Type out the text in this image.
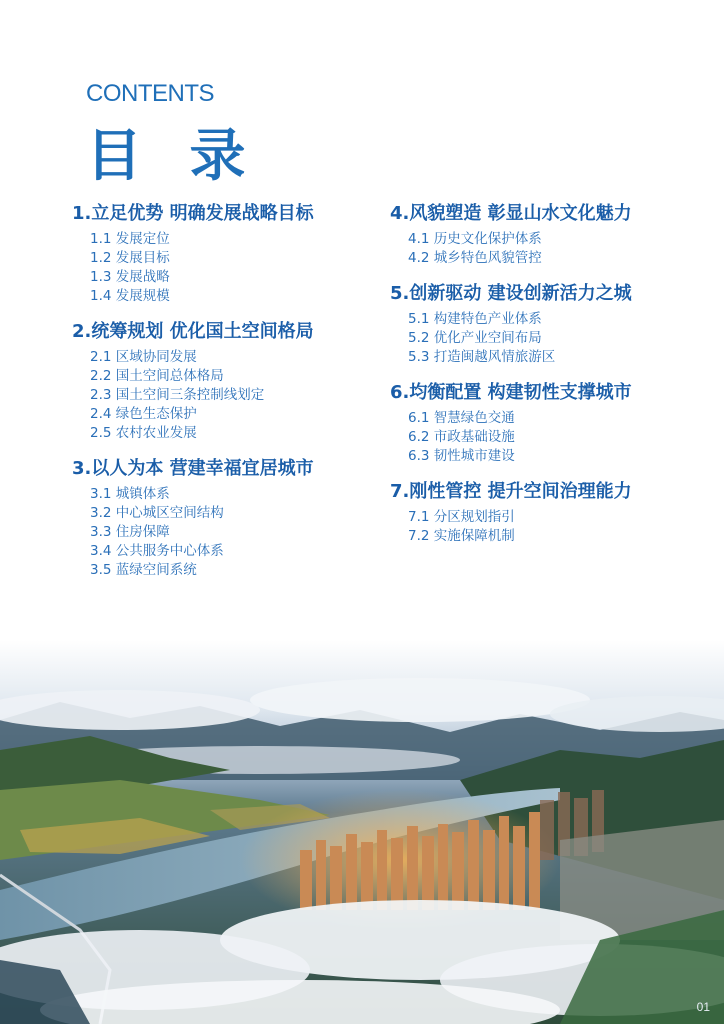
CONTENTS
目 录
1.立足优势 明确发展战略目标
1.1 发展定位
1.2 发展目标
1.3 发展战略
1.4 发展规模
2.统筹规划 优化国土空间格局
2.1 区域协同发展
2.2 国土空间总体格局
2.3 国土空间三条控制线划定
2.4 绿色生态保护
2.5 农村农业发展
3.以人为本 营建幸福宜居城市
3.1 城镇体系
3.2 中心城区空间结构
3.3 住房保障
3.4 公共服务中心体系
3.5 蓝绿空间系统
4.风貌塑造 彰显山水文化魅力
4.1 历史文化保护体系
4.2 城乡特色风貌管控
5.创新驱动 建设创新活力之城
5.1 构建特色产业体系
5.2 优化产业空间布局
5.3 打造闽越风情旅游区
6.均衡配置 构建韧性支撑城市
6.1 智慧绿色交通
6.2 市政基础设施
6.3 韧性城市建设
7.刚性管控 提升空间治理能力
7.1 分区规划指引
7.2 实施保障机制
01
